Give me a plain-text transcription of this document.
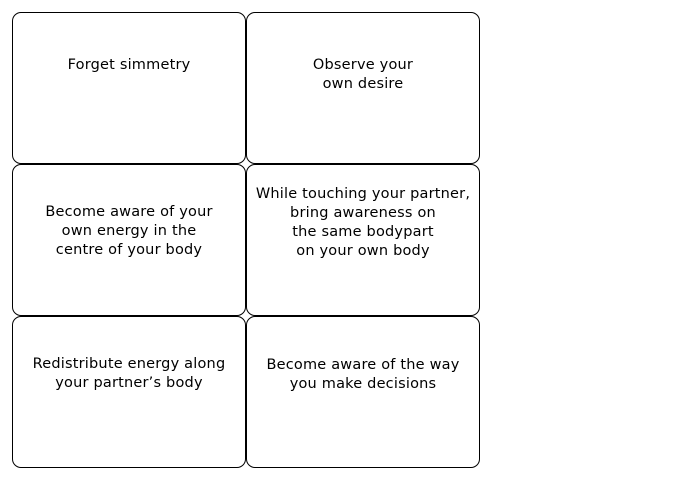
Forget simmetry	Observe your
own desire
Become aware of your
own energy in the
centre of your body
While touching your partner,
bring awareness on
the same bodypart
on your own body
Redistribute energy along
your partner’s body
Become aware of the way
you make decisions
